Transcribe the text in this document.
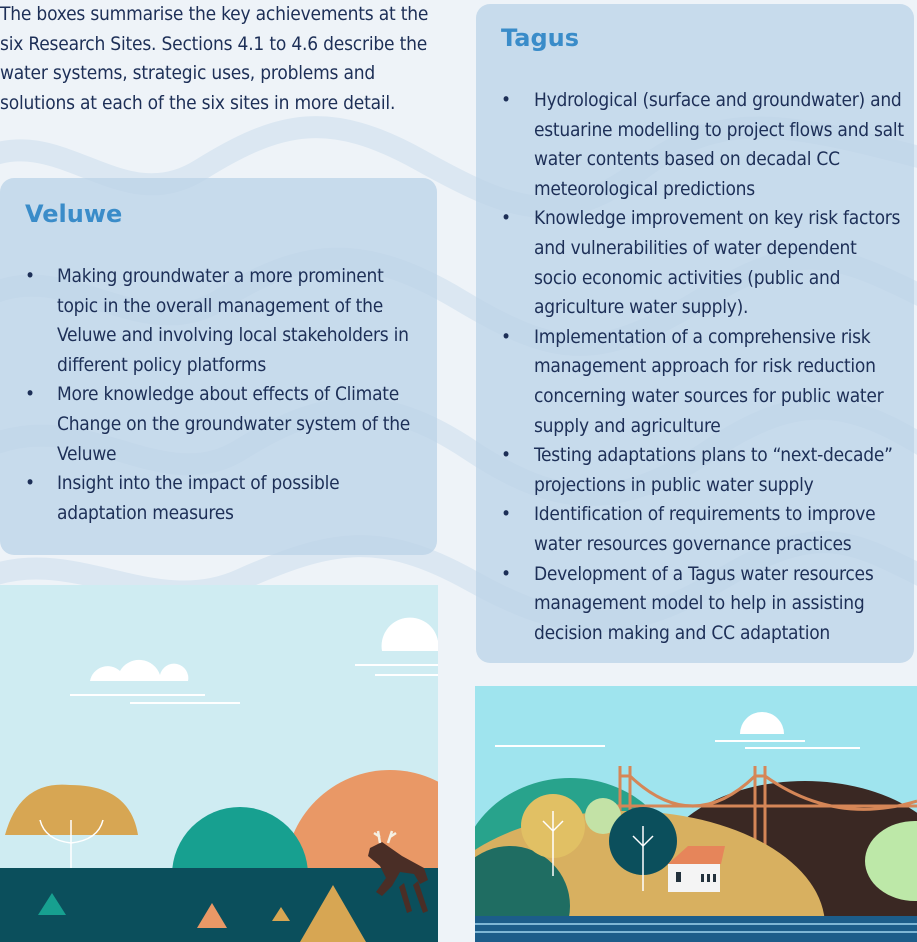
The boxes summarise the key achievements at the six Research Sites. Sections 4.1 to 4.6 describe the water systems, strategic uses, problems and solutions at each of the six sites in more detail.

Veluwe
• Making groundwater a more prominent topic in the overall management of the Veluwe and involving local stakeholders in different policy platforms
• More knowledge about effects of Climate Change on the groundwater system of the Veluwe
• Insight into the impact of possible adaptation measures
Tagus
• Hydrological (surface and groundwater) and estuarine modelling to project flows and salt water contents based on decadal CC meteorological predictions
• Knowledge improvement on key risk factors and vulnerabilities of water dependent socio economic activities (public and agriculture water supply).
• Implementation of a comprehensive risk management approach for risk reduction concerning water sources for public water supply and agriculture
• Testing adaptations plans to “next-decade” projections in public water supply
• Identification of requirements to improve water resources governance practices
• Development of a Tagus water resources management model to help in assisting decision making and CC adaptation
